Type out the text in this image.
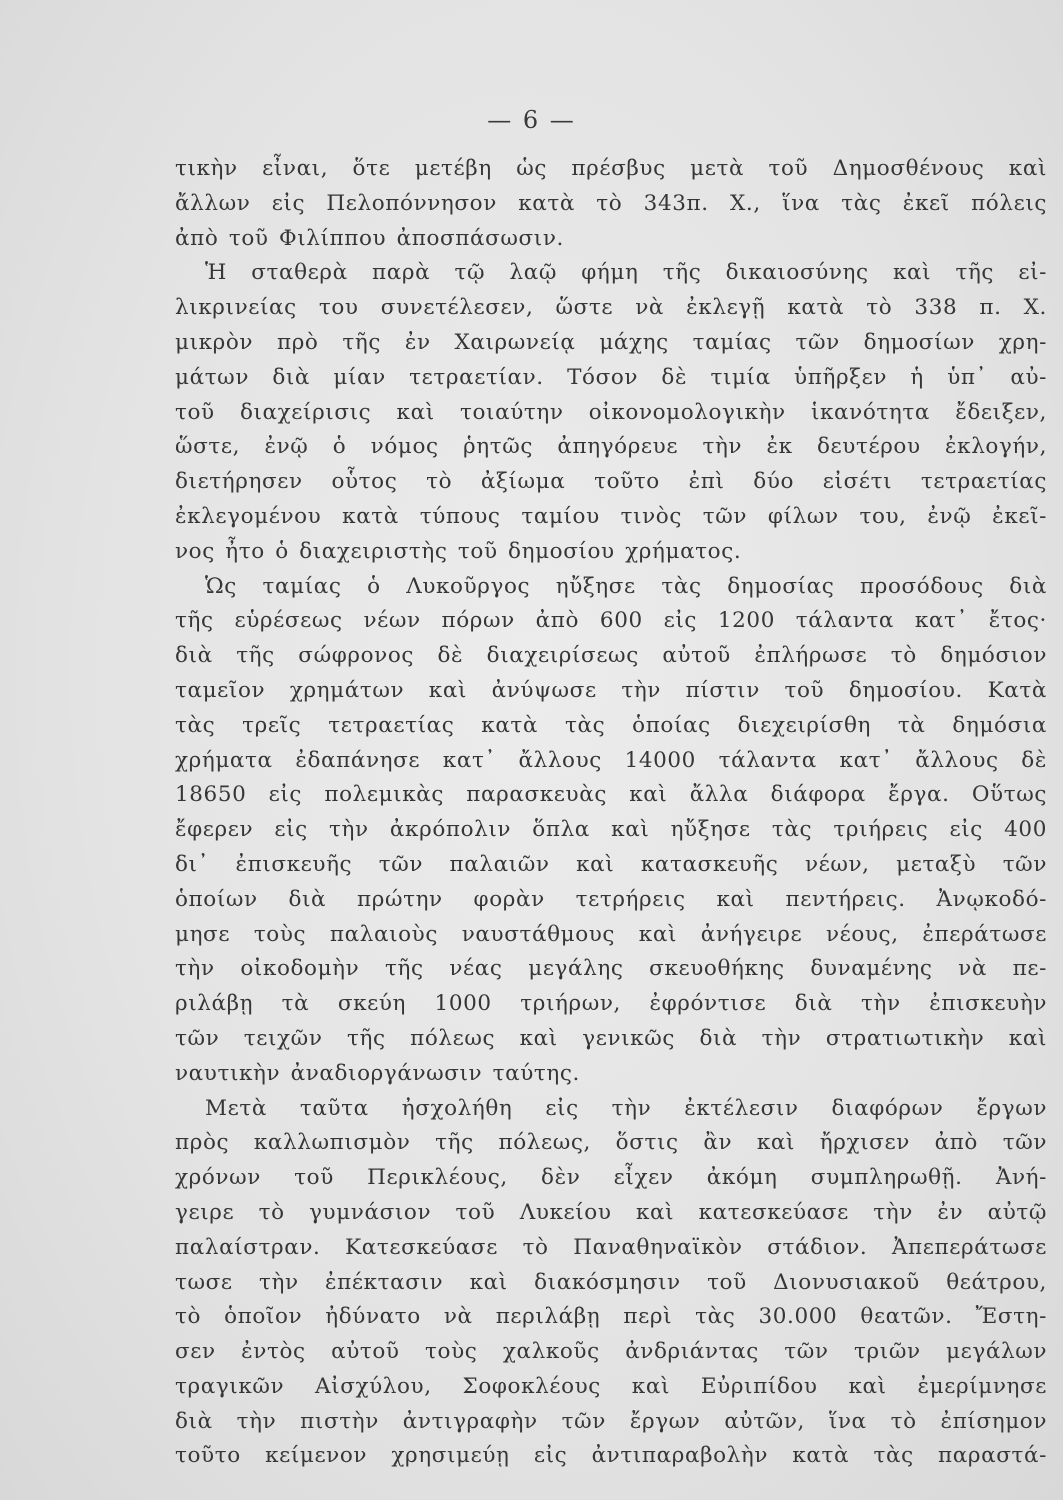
— 6 —
τικὴν εἶναι, ὅτε μετέβη ὡς πρέσβυς μετὰ τοῦ Δημοσθένους καὶ
ἄλλων εἰς Πελοπόννησον κατὰ τὸ 343π. Χ., ἵνα τὰς ἐκεῖ πόλεις
ἀπὸ τοῦ Φιλίππου ἀποσπάσωσιν.
Ἡ σταθερὰ παρὰ τῷ λαῷ φήμη τῆς δικαιοσύνης καὶ τῆς εἰ-
λικρινείας του συνετέλεσεν, ὥστε νὰ ἐκλεγῇ κατὰ τὸ 338 π. Χ.
μικρὸν πρὸ τῆς ἐν Χαιρωνείᾳ μάχης ταμίας τῶν δημοσίων χρη-
μάτων διὰ μίαν τετραετίαν. Τόσον δὲ τιμία ὑπῆρξεν ἡ ὑπ᾽ αὐ-
τοῦ διαχείρισις καὶ τοιαύτην οἰκονομολογικὴν ἱκανότητα ἔδειξεν,
ὥστε, ἐνῷ ὁ νόμος ῥητῶς ἀπηγόρευε τὴν ἐκ δευτέρου ἐκλογήν,
διετήρησεν οὗτος τὸ ἀξίωμα τοῦτο ἐπὶ δύο εἰσέτι τετραετίας
ἐκλεγομένου κατὰ τύπους ταμίου τινὸς τῶν φίλων του, ἐνῷ ἐκεῖ-
νος ἦτο ὁ διαχειριστὴς τοῦ δημοσίου χρήματος.
Ὡς ταμίας ὁ Λυκοῦργος ηὔξησε τὰς δημοσίας προσόδους διὰ
τῆς εὑρέσεως νέων πόρων ἀπὸ 600 εἰς 1200 τάλαντα κατ᾽ ἔτος·
διὰ τῆς σώφρονος δὲ διαχειρίσεως αὐτοῦ ἐπλήρωσε τὸ δημόσιον
ταμεῖον χρημάτων καὶ ἀνύψωσε τὴν πίστιν τοῦ δημοσίου. Κατὰ
τὰς τρεῖς τετραετίας κατὰ τὰς ὁποίας διεχειρίσθη τὰ δημόσια
χρήματα ἐδαπάνησε κατ᾽ ἄλλους 14000 τάλαντα κατ᾽ ἄλλους δὲ
18650 εἰς πολεμικὰς παρασκευὰς καὶ ἄλλα διάφορα ἔργα. Οὕτως
ἔφερεν εἰς τὴν ἀκρόπολιν ὅπλα καὶ ηὔξησε τὰς τριήρεις εἰς 400
δι᾽ ἐπισκευῆς τῶν παλαιῶν καὶ κατασκευῆς νέων, μεταξὺ τῶν
ὁποίων διὰ πρώτην φορὰν τετρήρεις καὶ πεντήρεις. Ἀνῳκοδό-
μησε τοὺς παλαιοὺς ναυστάθμους καὶ ἀνήγειρε νέους, ἐπεράτωσε
τὴν οἰκοδομὴν τῆς νέας μεγάλης σκευοθήκης δυναμένης νὰ πε-
ριλάβῃ τὰ σκεύη 1000 τριήρων, ἐφρόντισε διὰ τὴν ἐπισκευὴν
τῶν τειχῶν τῆς πόλεως καὶ γενικῶς διὰ τὴν στρατιωτικὴν καὶ
ναυτικὴν ἀναδιοργάνωσιν ταύτης.
Μετὰ ταῦτα ἠσχολήθη εἰς τὴν ἐκτέλεσιν διαφόρων ἔργων
πρὸς καλλωπισμὸν τῆς πόλεως, ὅστις ἂν καὶ ἤρχισεν ἀπὸ τῶν
χρόνων τοῦ Περικλέους, δὲν εἶχεν ἀκόμη συμπληρωθῇ. Ἀνή-
γειρε τὸ γυμνάσιον τοῦ Λυκείου καὶ κατεσκεύασε τὴν ἐν αὐτῷ
παλαίστραν. Κατεσκεύασε τὸ Παναθηναϊκὸν στάδιον. Ἀπεπεράτωσε
τωσε τὴν ἐπέκτασιν καὶ διακόσμησιν τοῦ Διονυσιακοῦ θεάτρου,
τὸ ὁποῖον ἠδύνατο νὰ περιλάβῃ περὶ τὰς 30.000 θεατῶν. Ἔστη-
σεν ἐντὸς αὐτοῦ τοὺς χαλκοῦς ἀνδριάντας τῶν τριῶν μεγάλων
τραγικῶν Αἰσχύλου, Σοφοκλέους καὶ Εὐριπίδου καὶ ἐμερίμνησε
διὰ τὴν πιστὴν ἀντιγραφὴν τῶν ἔργων αὐτῶν, ἵνα τὸ ἐπίσημον
τοῦτο κείμενον χρησιμεύῃ εἰς ἀντιπαραβολὴν κατὰ τὰς παραστά-
